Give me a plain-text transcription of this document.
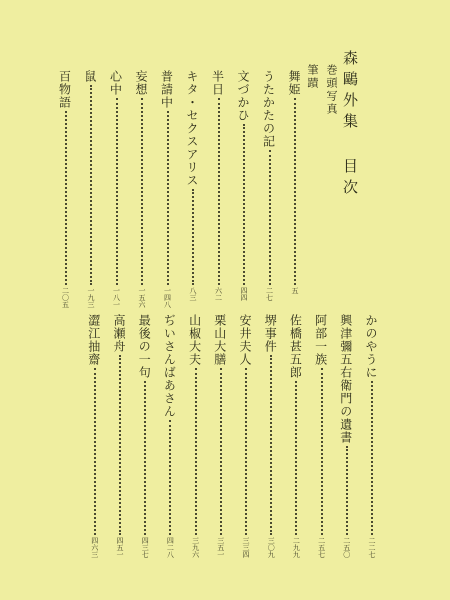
森鷗外集 目次
巻頭写真
筆蹟
舞姫
五
うたかたの記
二七
文づかひ
四四
半日
六二
キタ・セクスアリス
八三
普請中
一四八
妄想
一五六
心中
一八一
鼠
一九三
百物語
二〇五
かのやうに
二二七
興津彌五右衛門の遺書
二五〇
阿部一族
二五七
佐橋甚五郎
二九九
堺事件
三〇九
安井夫人
三三四
栗山大膳
三五一
山椒大夫
三九六
ぢいさんばあさん
四二八
最後の一句
四三七
高瀬舟
四五一
澀江抽齋
四六三
